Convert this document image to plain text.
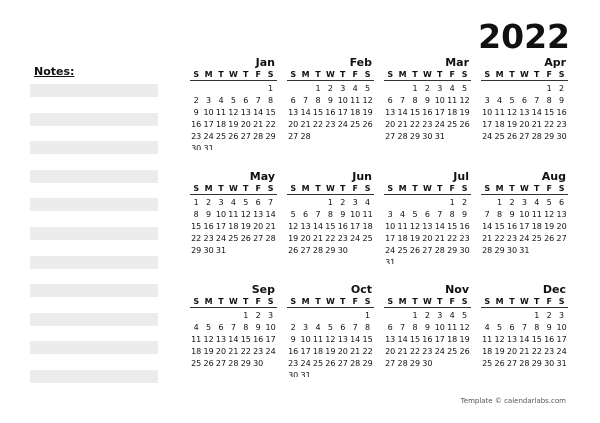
2022
Notes:
Jan
S M T W T F S
1
2 3 4 5 6 7 8
9 10 11 12 13 14 15
16 17 18 19 20 21 22
23 24 25 26 27 28 29
30 31
Feb
S M T W T F S
1 2 3 4 5
6 7 8 9 10 11 12
13 14 15 16 17 18 19
20 21 22 23 24 25 26
27 28
Mar
S M T W T F S
1 2 3 4 5
6 7 8 9 10 11 12
13 14 15 16 17 18 19
20 21 22 23 24 25 26
27 28 29 30 31
Apr
S M T W T F S
1 2
3 4 5 6 7 8 9
10 11 12 13 14 15 16
17 18 19 20 21 22 23
24 25 26 27 28 29 30
May
S M T W T F S
1 2 3 4 5 6 7
8 9 10 11 12 13 14
15 16 17 18 19 20 21
22 23 24 25 26 27 28
29 30 31
Jun
S M T W T F S
1 2 3 4
5 6 7 8 9 10 11
12 13 14 15 16 17 18
19 20 21 22 23 24 25
26 27 28 29 30
Jul
S M T W T F S
1 2
3 4 5 6 7 8 9
10 11 12 13 14 15 16
17 18 19 20 21 22 23
24 25 26 27 28 29 30
31
Aug
S M T W T F S
1 2 3 4 5 6
7 8 9 10 11 12 13
14 15 16 17 18 19 20
21 22 23 24 25 26 27
28 29 30 31
Sep
S M T W T F S
1 2 3
4 5 6 7 8 9 10
11 12 13 14 15 16 17
18 19 20 21 22 23 24
25 26 27 28 29 30
Oct
S M T W T F S
1
2 3 4 5 6 7 8
9 10 11 12 13 14 15
16 17 18 19 20 21 22
23 24 25 26 27 28 29
30 31
Nov
S M T W T F S
1 2 3 4 5
6 7 8 9 10 11 12
13 14 15 16 17 18 19
20 21 22 23 24 25 26
27 28 29 30
Dec
S M T W T F S
1 2 3
4 5 6 7 8 9 10
11 12 13 14 15 16 17
18 19 20 21 22 23 24
25 26 27 28 29 30 31
Template © calendarlabs.com
